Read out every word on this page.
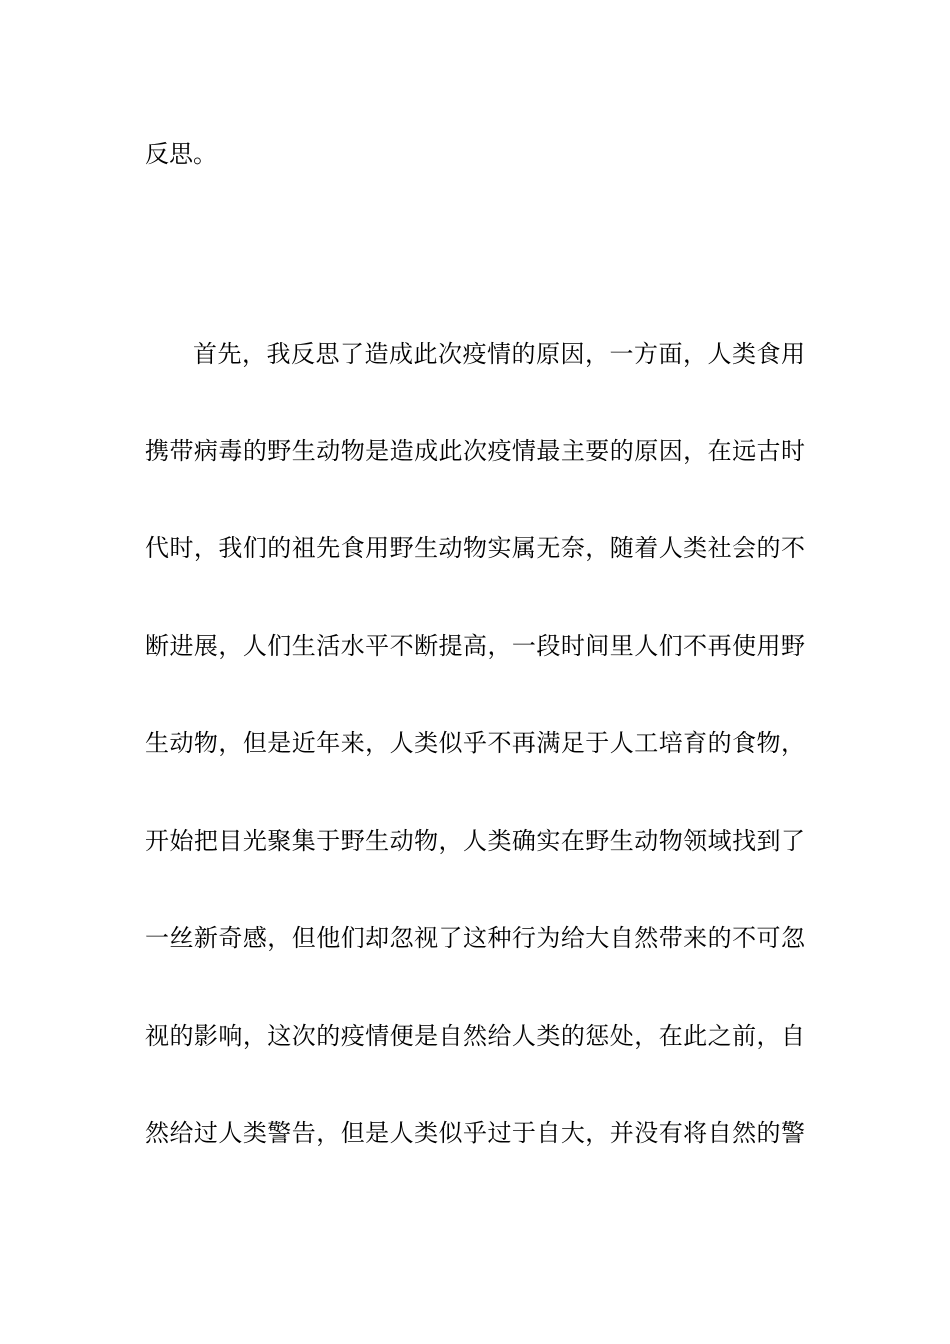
反思。
首先，我反思了造成此次疫情的原因，一方面，人类食用
携带病毒的野生动物是造成此次疫情最主要的原因，在远古时
代时，我们的祖先食用野生动物实属无奈，随着人类社会的不
断进展，人们生活水平不断提高，一段时间里人们不再使用野
生动物，但是近年来，人类似乎不再满足于人工培育的食物，
开始把目光聚集于野生动物，人类确实在野生动物领域找到了
一丝新奇感，但他们却忽视了这种行为给大自然带来的不可忽
视的影响，这次的疫情便是自然给人类的惩处，在此之前，自
然给过人类警告，但是人类似乎过于自大，并没有将自然的警
